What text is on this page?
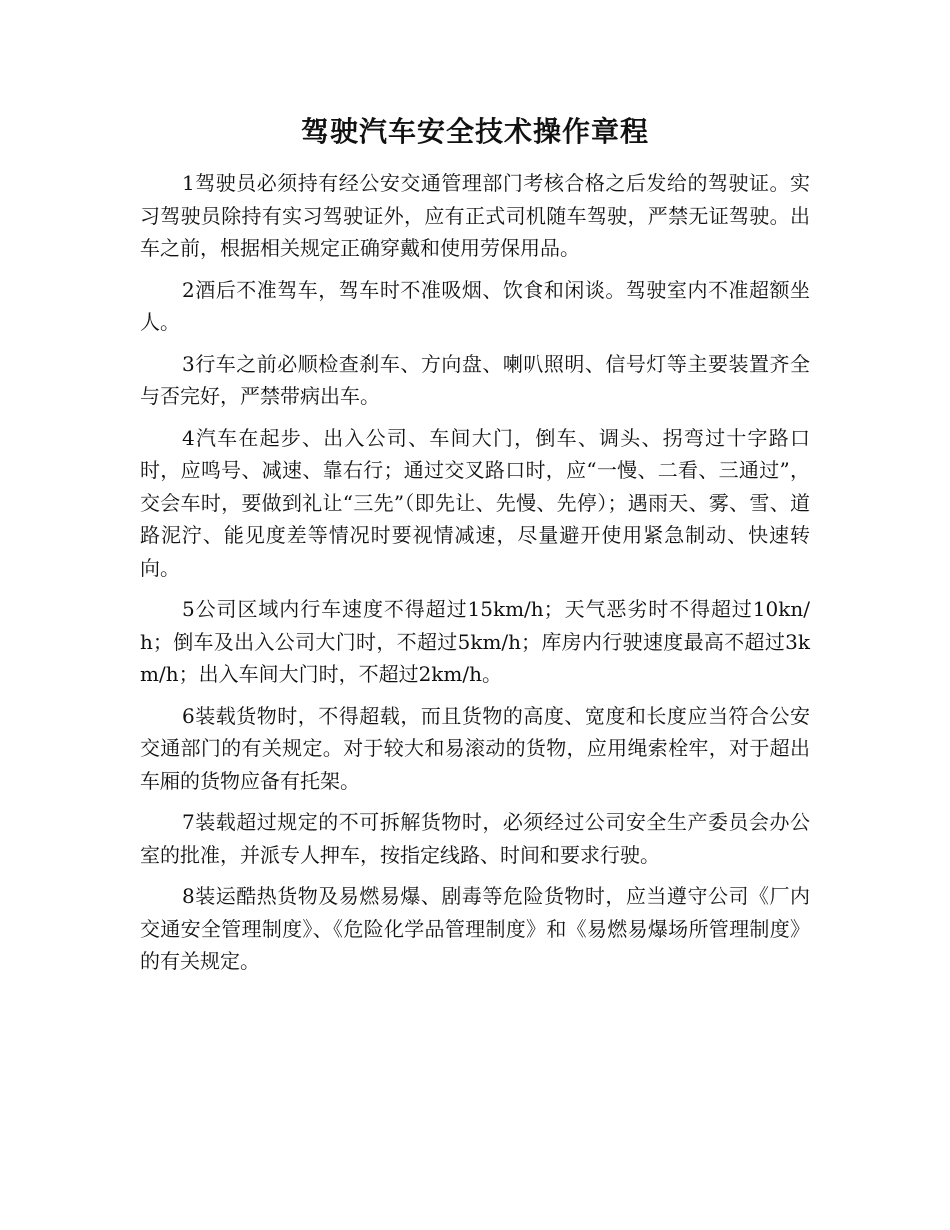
驾驶汽车安全技术操作章程

1驾驶员必须持有经公安交通管理部门考核合格之后发给的驾驶证。实习驾驶员除持有实习驾驶证外，应有正式司机随车驾驶，严禁无证驾驶。出车之前，根据相关规定正确穿戴和使用劳保用品。

2酒后不准驾车，驾车时不准吸烟、饮食和闲谈。驾驶室内不准超额坐人。

3行车之前必顺检查刹车、方向盘、喇叭照明、信号灯等主要装置齐全与否完好，严禁带病出车。

4汽车在起步、出入公司、车间大门，倒车、调头、拐弯过十字路口时，应鸣号、减速、靠右行；通过交叉路口时，应“一慢、二看、三通过”，交会车时，要做到礼让“三先”（即先让、先慢、先停）；遇雨天、雾、雪、道路泥泞、能见度差等情况时要视情减速，尽量避开使用紧急制动、快速转向。

5公司区域内行车速度不得超过15km/h；天气恶劣时不得超过10kn/h；倒车及出入公司大门时，不超过5km/h；库房内行驶速度最高不超过3km/h；出入车间大门时，不超过2km/h。

6装载货物时，不得超载，而且货物的高度、宽度和长度应当符合公安交通部门的有关规定。对于较大和易滚动的货物，应用绳索栓牢，对于超出车厢的货物应备有托架。

7装载超过规定的不可拆解货物时，必须经过公司安全生产委员会办公室的批准，并派专人押车，按指定线路、时间和要求行驶。

8装运酷热货物及易燃易爆、剧毒等危险货物时，应当遵守公司《厂内交通安全管理制度》、《危险化学品管理制度》和《易燃易爆场所管理制度》的有关规定。
